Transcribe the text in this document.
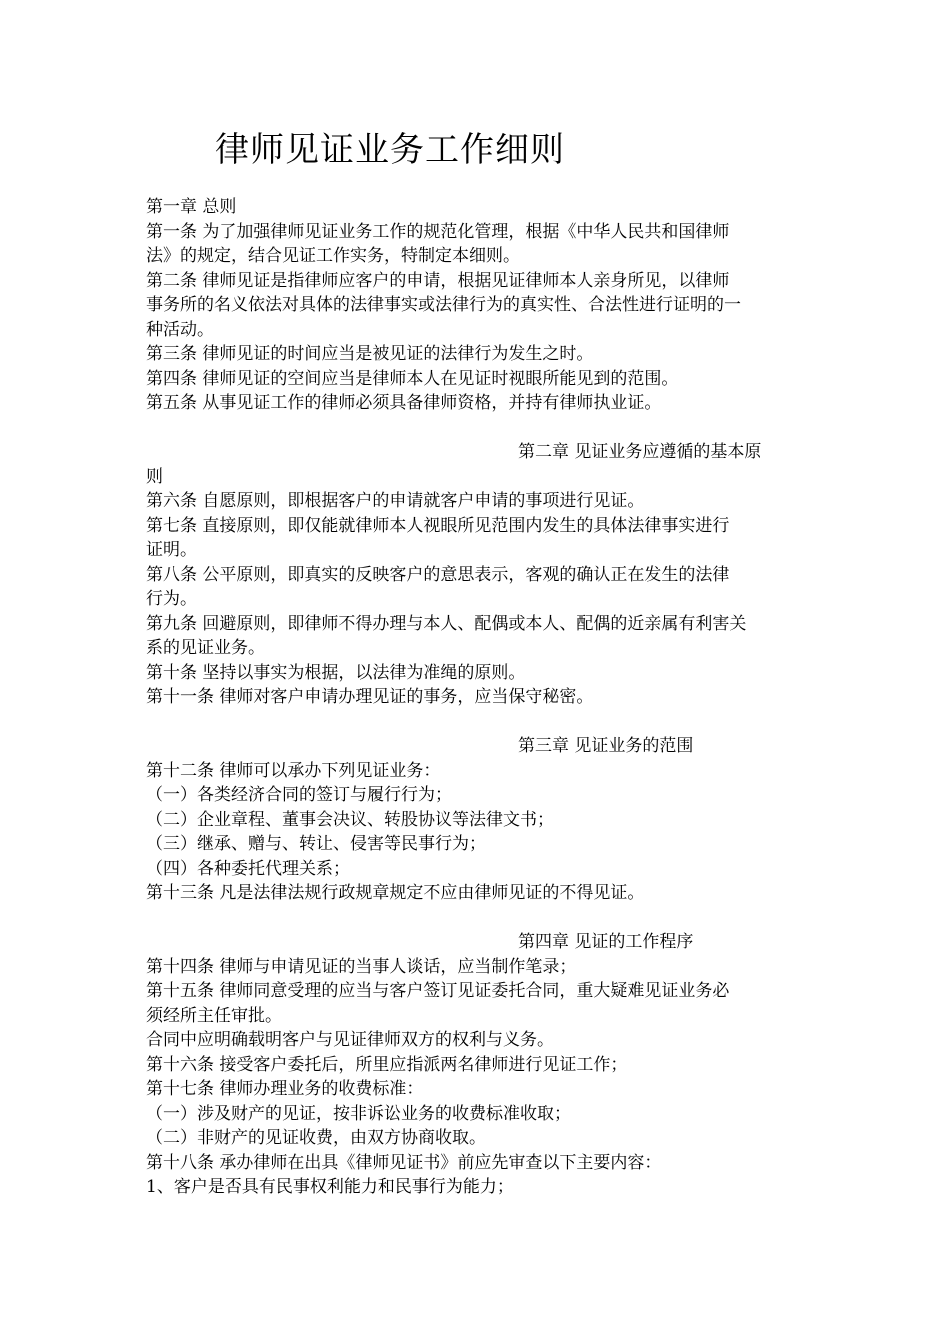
律师见证业务工作细则

第一章 总则

第一条 为了加强律师见证业务工作的规范化管理，根据《中华人民共和国律师

法》的规定，结合见证工作实务，特制定本细则。

第二条 律师见证是指律师应客户的申请，根据见证律师本人亲身所见，以律师

事务所的名义依法对具体的法律事实或法律行为的真实性、合法性进行证明的一

种活动。

第三条 律师见证的时间应当是被见证的法律行为发生之时。

第四条 律师见证的空间应当是律师本人在见证时视眼所能见到的范围。

第五条 从事见证工作的律师必须具备律师资格，并持有律师执业证。

第二章 见证业务应遵循的基本原

则

第六条 自愿原则，即根据客户的申请就客户申请的事项进行见证。

第七条 直接原则，即仅能就律师本人视眼所见范围内发生的具体法律事实进行

证明。

第八条 公平原则，即真实的反映客户的意思表示，客观的确认正在发生的法律

行为。

第九条 回避原则，即律师不得办理与本人、配偶或本人、配偶的近亲属有利害关

系的见证业务。

第十条 坚持以事实为根据，以法律为准绳的原则。

第十一条 律师对客户申请办理见证的事务，应当保守秘密。

第三章 见证业务的范围

第十二条 律师可以承办下列见证业务：

（一）各类经济合同的签订与履行行为；

（二）企业章程、董事会决议、转股协议等法律文书；

（三）继承、赠与、转让、侵害等民事行为；

（四）各种委托代理关系；

第十三条 凡是法律法规行政规章规定不应由律师见证的不得见证。

第四章 见证的工作程序

第十四条 律师与申请见证的当事人谈话，应当制作笔录；

第十五条 律师同意受理的应当与客户签订见证委托合同，重大疑难见证业务必

须经所主任审批。

合同中应明确载明客户与见证律师双方的权利与义务。

第十六条 接受客户委托后，所里应指派两名律师进行见证工作；

第十七条 律师办理业务的收费标准：

（一）涉及财产的见证，按非诉讼业务的收费标准收取；

（二）非财产的见证收费，由双方协商收取。

第十八条 承办律师在出具《律师见证书》前应先审查以下主要内容：

1、客户是否具有民事权利能力和民事行为能力；
